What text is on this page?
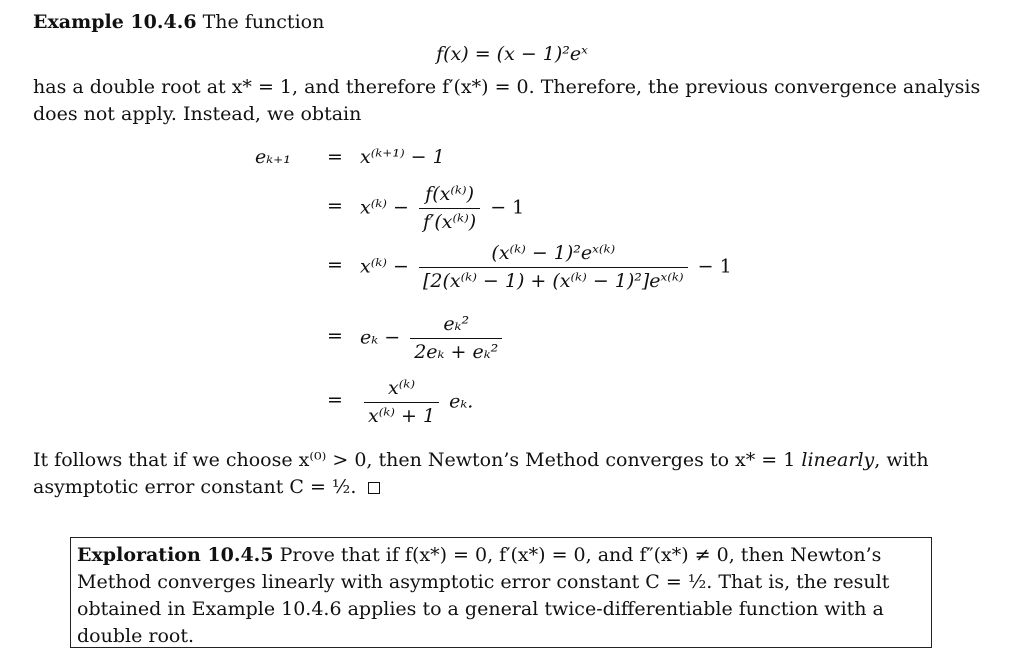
Example 10.4.6 The function
f(x) = (x − 1)²eˣ
has a double root at x* = 1, and therefore f′(x*) = 0. Therefore, the previous convergence analysis does not apply. Instead, we obtain
eₖ₊₁	= x⁽ᵏ⁺¹⁾ − 1
= x⁽ᵏ⁾ − $\frac{\text{f(x⁽ᵏ⁾)}}{\text{f′(x⁽ᵏ⁾)}} - 1$
= x⁽ᵏ⁾ − $\frac{\text{(x⁽ᵏ⁾ − 1)²eˣ⁽ᵏ⁾}}{\text{[2(x⁽ᵏ⁾ − 1) + (x⁽ᵏ⁾ − 1)²]eˣ⁽ᵏ⁾}} - 1$
= $e_k - \frac{\text{eₖ²}}{\text{2eₖ + eₖ²}}$
= $\frac{\text{x⁽ᵏ⁾}}{\text{x⁽ᵏ⁾ + 1}} e_k$.
It follows that if we choose x⁽⁰⁾ > 0, then Newton’s Method converges to x* = 1 linearly, with asymptotic error constant C = ½.
Exploration 10.4.5 Prove that if f(x*) = 0, f′(x*) = 0, and f″(x*) ≠ 0, then Newton’s Method converges linearly with asymptotic error constant C = ½. That is, the result obtained in Example 10.4.6 applies to a general twice-differentiable function with a double root.
